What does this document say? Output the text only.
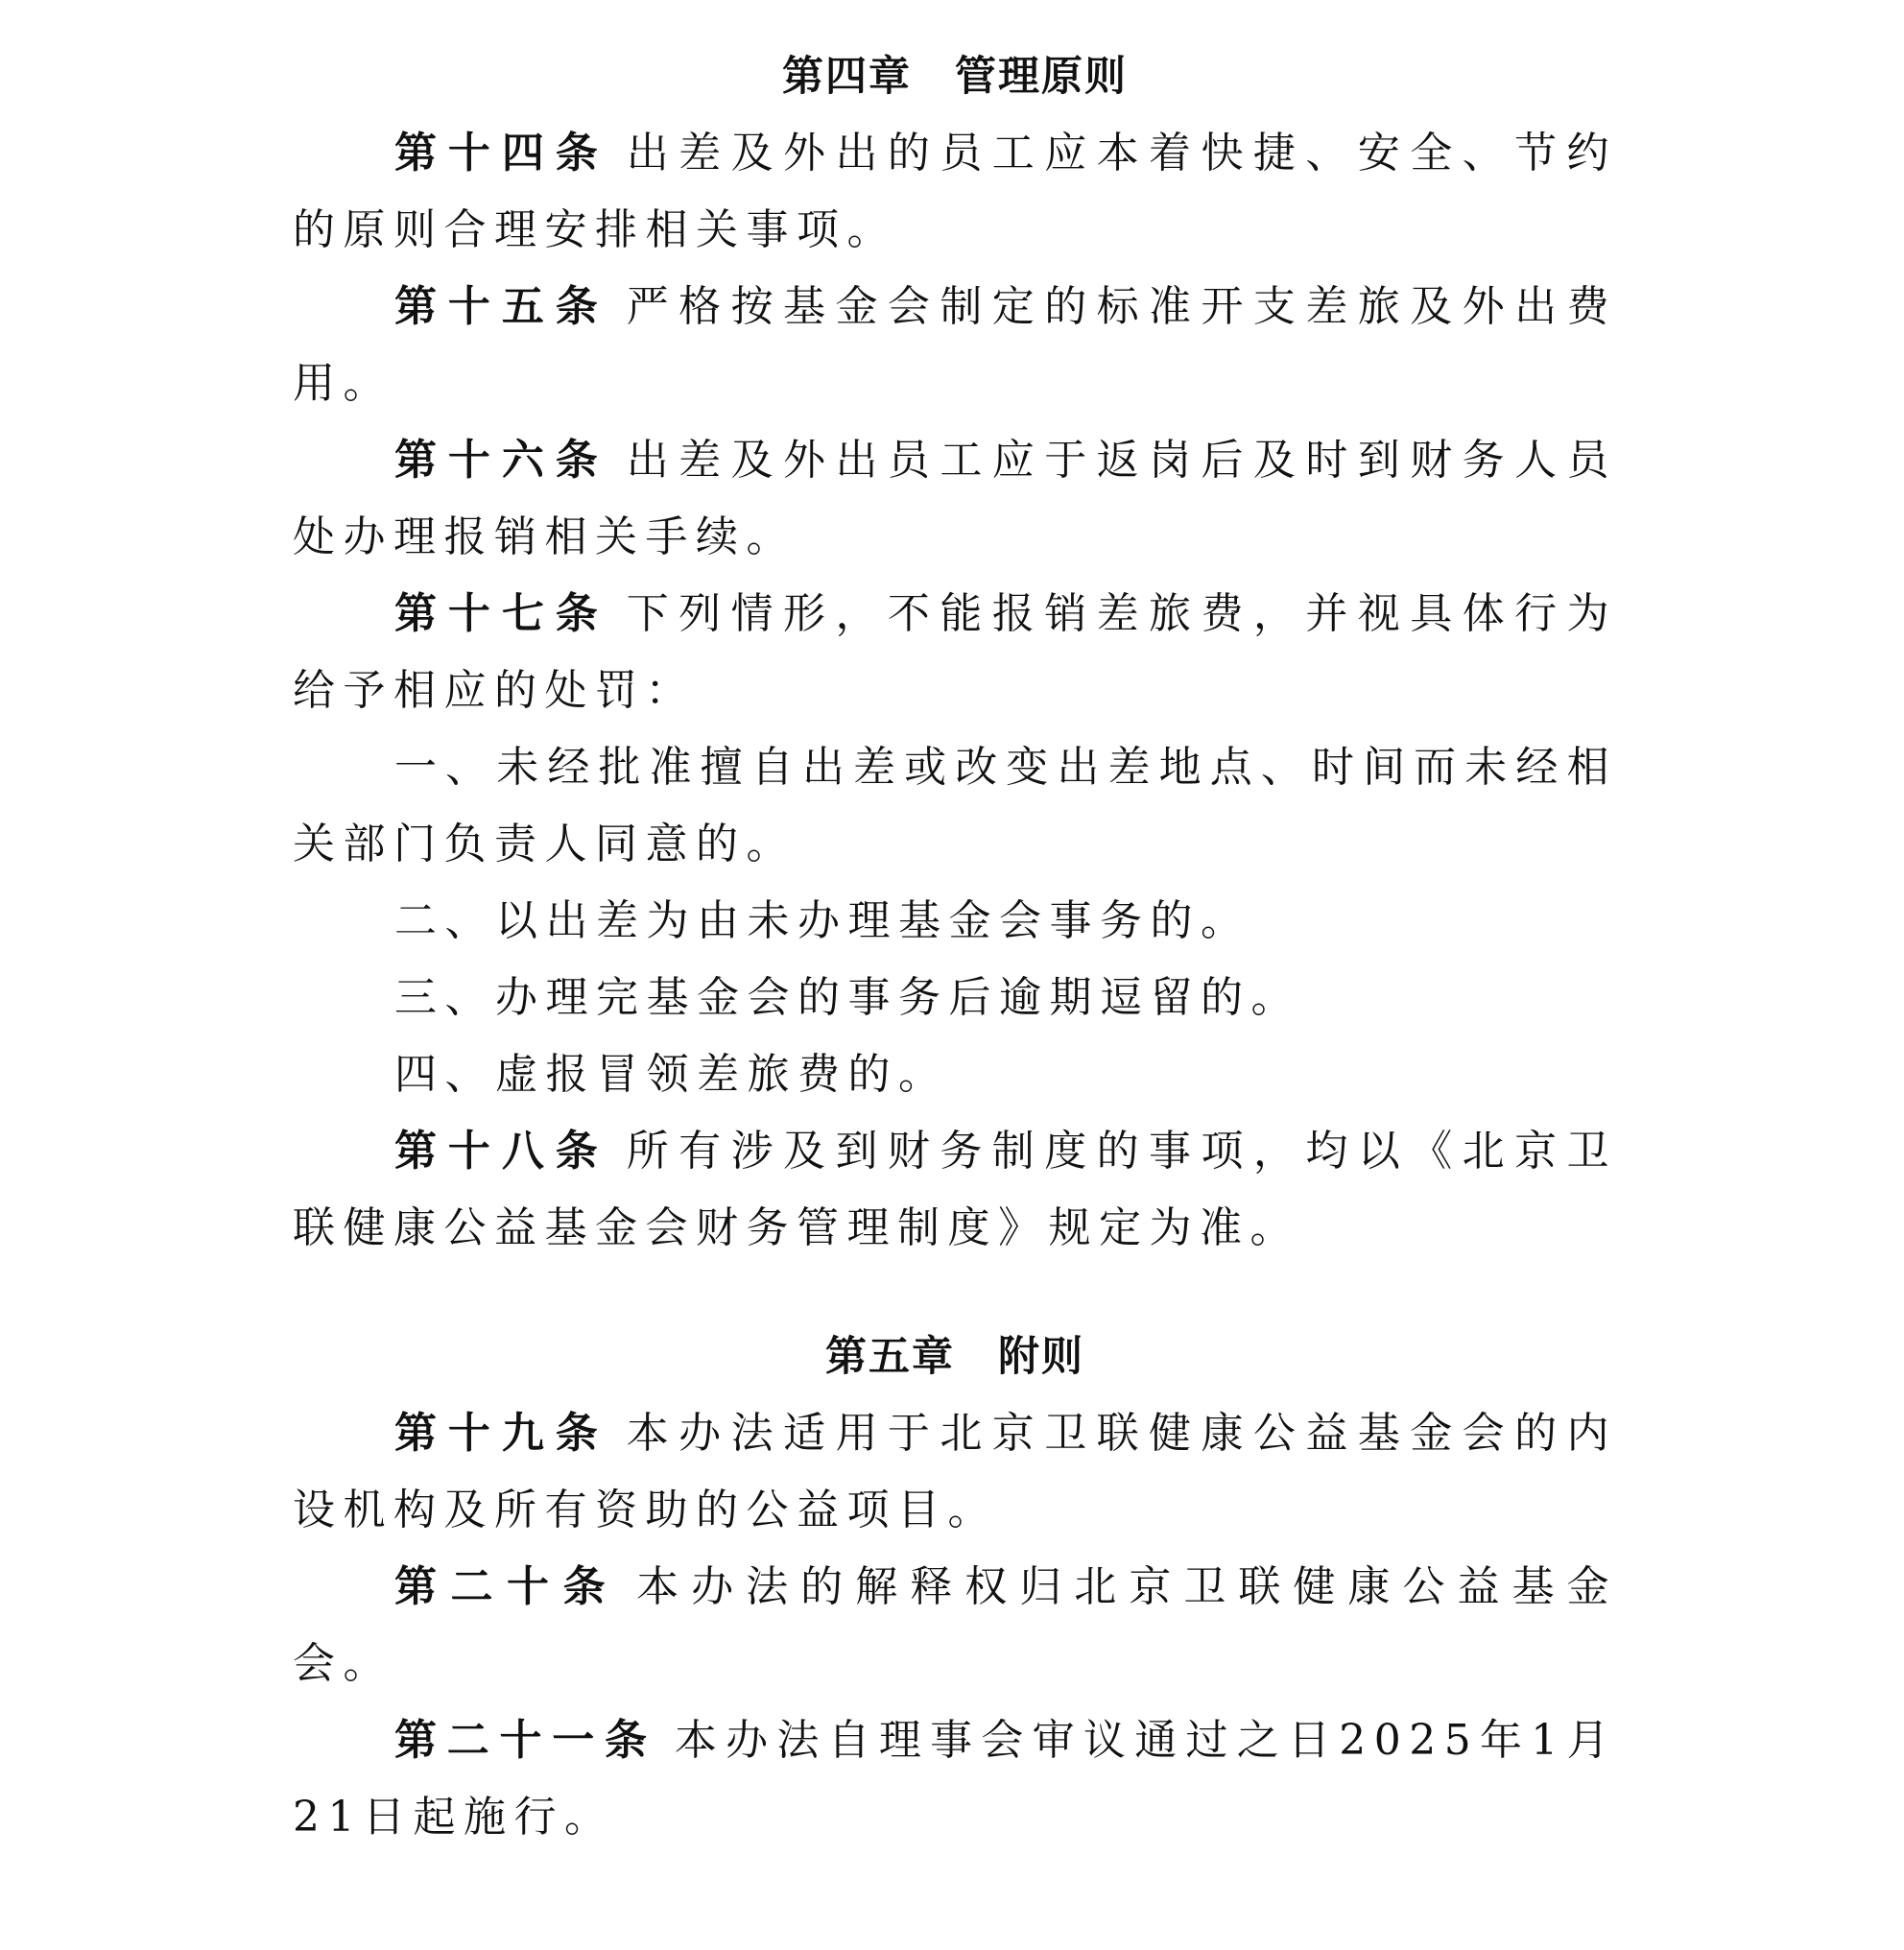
第四章　管理原则

第十四条 出差及外出的员工应本着快捷、安全、节约的原则合理安排相关事项。

第十五条 严格按基金会制定的标准开支差旅及外出费用。

第十六条 出差及外出员工应于返岗后及时到财务人员处办理报销相关手续。

第十七条 下列情形，不能报销差旅费，并视具体行为给予相应的处罚：

一、未经批准擅自出差或改变出差地点、时间而未经相关部门负责人同意的。

二、以出差为由未办理基金会事务的。

三、办理完基金会的事务后逾期逗留的。

四、虚报冒领差旅费的。

第十八条 所有涉及到财务制度的事项，均以《北京卫联健康公益基金会财务管理制度》规定为准。

第五章　附则

第十九条 本办法适用于北京卫联健康公益基金会的内设机构及所有资助的公益项目。

第二十条 本办法的解释权归北京卫联健康公益基金会。

第二十一条 本办法自理事会审议通过之日2025年1月21日起施行。
